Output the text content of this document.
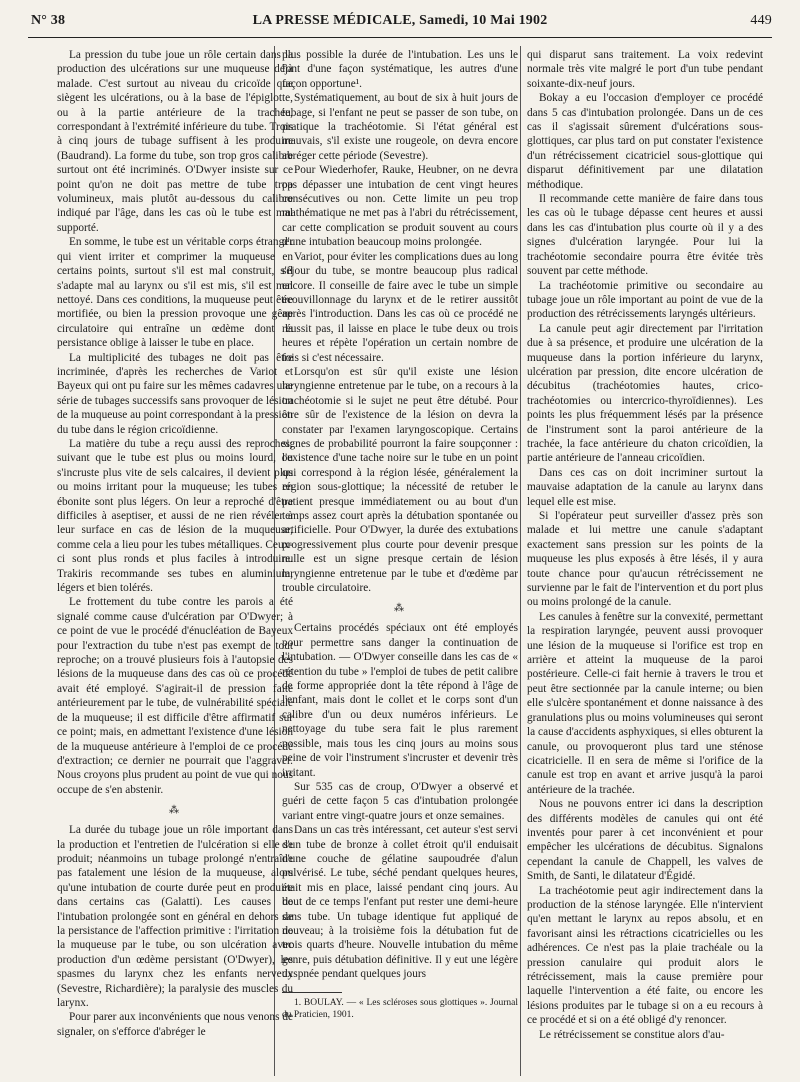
N° 38	LA PRESSE MÉDICALE, Samedi, 10 Mai 1902	449

La pression du tube joue un rôle certain dans la production des ulcérations sur une muqueuse déjà malade. C'est surtout au niveau du cricoïde que siègent les ulcérations, ou à la base de l'épiglotte, ou à la partie antérieure de la trachée, correspondant à l'extrémité inférieure du tube. Trois à cinq jours de tubage suffisent à les produire (Baudrand). La forme du tube, son trop gros calibre surtout ont été incriminés. O'Dwyer insiste sur ce point qu'on ne doit pas mettre de tube trop volumineux, mais plutôt au-dessous du calibre indiqué par l'âge, dans les cas où le tube est mal supporté.

En somme, le tube est un véritable corps étranger qui vient irriter et comprimer la muqueuse en certains points, surtout s'il est mal construit, s'il s'adapte mal au larynx ou s'il est mis, s'il est mal nettoyé. Dans ces conditions, la muqueuse peut être mortifiée, ou bien la pression provoque une gêne circulatoire qui entraîne un œdème dont la persistance oblige à laisser le tube en place.

La multiplicité des tubages ne doit pas être incriminée, d'après les recherches de Variot et Bayeux qui ont pu faire sur les mêmes cadavres une série de tubages successifs sans provoquer de lésion de la muqueuse au point correspondant à la pression du tube dans le région cricoïdienne.

La matière du tube a reçu aussi des reproches; suivant que le tube est plus ou moins lourd, ou s'incruste plus vite de sels calcaires, il devient plus ou moins irritant pour la muqueuse; les tubes en ébonite sont plus légers. On leur a reproché d'être difficiles à aseptiser, et aussi de ne rien révéler à leur surface en cas de lésion de la muqueuse, comme cela a lieu pour les tubes métalliques. Ceux-ci sont plus ronds et plus faciles à introduire. Trakiris recommande ses tubes en aluminium, légers et bien tolérés.

Le frottement du tube contre les parois a été signalé comme cause d'ulcération par O'Dwyer; à ce point de vue le procédé d'énucléation de Bayeux pour l'extraction du tube n'est pas exempt de tout reproche; on a trouvé plusieurs fois à l'autopsie des lésions de la muqueuse dans des cas où ce procédé avait été employé. S'agirait-il de pression faite antérieurement par le tube, de vulnérabilité spéciale de la muqueuse; il est difficile d'être affirmatif sur ce point; mais, en admettant l'existence d'une lésion de la muqueuse antérieure à l'emploi de ce procédé d'extraction; ce dernier ne pourrait que l'aggraver. Nous croyons plus prudent au point de vue qui nous occupe de s'en abstenir.

⁂

La durée du tubage joue un rôle important dans la production et l'entretien de l'ulcération si elle se produit; néanmoins un tubage prolongé n'entraîne pas fatalement une lésion de la muqueuse, alors qu'une intubation de courte durée peut en produire dans certains cas (Galatti). Les causes de l'intubation prolongée sont en général en dehors de la persistance de l'affection primitive : l'irritation de la muqueuse par le tube, ou son ulcération avec production d'un œdème persistant (O'Dwyer), les spasmes du larynx chez les enfants nerveux (Sevestre, Richardière); la paralysie des muscles du larynx.

Pour parer aux inconvénients que nous venons de signaler, on s'efforce d'abréger le

plus possible la durée de l'intubation. Les uns le font d'une façon systématique, les autres d'une façon opportune¹.

Systématiquement, au bout de six à huit jours de tubage, si l'enfant ne peut se passer de son tube, on pratique la trachéotomie. Si l'état général est mauvais, s'il existe une rougeole, on devra encore abréger cette période (Sevestre).

Pour Wiederhofer, Rauke, Heubner, on ne devra pas dépasser une intubation de cent vingt heures consécutives ou non. Cette limite un peu trop mathématique ne met pas à l'abri du rétrécissement, car cette complication se produit souvent au cours d'une intubation beaucoup moins prolongée.

Variot, pour éviter les complications dues au long séjour du tube, se montre beaucoup plus radical encore. Il conseille de faire avec le tube un simple écouvillonnage du larynx et de le retirer aussitôt après l'introduction. Dans les cas où ce procédé ne réussit pas, il laisse en place le tube deux ou trois heures et répète l'opération un certain nombre de fois si c'est nécessaire.

Lorsqu'on est sûr qu'il existe une lésion laryngienne entretenue par le tube, on a recours à la trachéotomie si le sujet ne peut être détubé. Pour être sûr de l'existence de la lésion on devra la constater par l'examen laryngoscopique. Certains signes de probabilité pourront la faire soupçonner : l'existence d'une tache noire sur le tube en un point qui correspond à la région lésée, généralement la région sous-glottique; la nécessité de retuber le patient presque immédiatement ou au bout d'un temps assez court après la détubation spontanée ou artificielle. Pour O'Dwyer, la durée des extubations progressivement plus courte pour devenir presque nulle est un signe presque certain de lésion laryngienne entretenue par le tube et d'œdème par trouble circulatoire.

⁂

Certains procédés spéciaux ont été employés pour permettre sans danger la continuation de l'intubation. — O'Dwyer conseille dans les cas de « rétention du tube » l'emploi de tubes de petit calibre de forme appropriée dont la tête répond à l'âge de l'enfant, mais dont le collet et le corps sont d'un calibre d'un ou deux numéros inférieurs. Le nettoyage du tube sera fait le plus rarement possible, mais tous les cinq jours au moins sous peine de voir l'instrument s'incruster et devenir très irritant.

Sur 535 cas de croup, O'Dwyer a observé et guéri de cette façon 5 cas d'intubation prolongée variant entre vingt-quatre jours et onze semaines.

Dans un cas très intéressant, cet auteur s'est servi d'un tube de bronze à collet étroit qu'il enduisait d'une couche de gélatine saupoudrée d'alun pulvérisé. Le tube, séché pendant quelques heures, était mis en place, laissé pendant cinq jours. Au bout de ce temps l'enfant put rester une demi-heure sans tube. Un tubage identique fut appliqué de nouveau; à la troisième fois la détubation fut de trois quarts d'heure. Nouvelle intubation du même genre, puis détubation définitive. Il y eut une légère dyspnée pendant quelques jours

1. BOULAY. — « Les scléroses sous glottiques ». Journal du Praticien, 1901.

qui disparut sans traitement. La voix redevint normale très vite malgré le port d'un tube pendant soixante-dix-neuf jours.

Bokay a eu l'occasion d'employer ce procédé dans 5 cas d'intubation prolongée. Dans un de ces cas il s'agissait sûrement d'ulcérations sous-glottiques, car plus tard on put constater l'existence d'un rétrécissement cicatriciel sous-glottique qui disparut définitivement par une dilatation méthodique.

Il recommande cette manière de faire dans tous les cas où le tubage dépasse cent heures et aussi dans les cas d'intubation plus courte où il y a des signes d'ulcération laryngée. Pour lui la trachéotomie secondaire pourra être évitée très souvent par cette méthode.

La trachéotomie primitive ou secondaire au tubage joue un rôle important au point de vue de la production des rétrécissements laryngés ultérieurs.

La canule peut agir directement par l'irritation due à sa présence, et produire une ulcération de la muqueuse dans la portion inférieure du larynx, ulcération par pression, dite encore ulcération de décubitus (trachéotomies hautes, crico-trachéotomies ou intercrico-thyroïdiennes). Les points les plus fréquemment lésés par la présence de l'instrument sont la paroi antérieure de la trachée, la face antérieure du chaton cricoïdien, la partie antérieure de l'anneau cricoïdien.

Dans ces cas on doit incriminer surtout la mauvaise adaptation de la canule au larynx dans lequel elle est mise.

Si l'opérateur peut surveiller d'assez près son malade et lui mettre une canule s'adaptant exactement sans pression sur les points de la muqueuse les plus exposés à être lésés, il y aura toute chance pour qu'aucun rétrécissement ne survienne par le fait de l'intervention et du port plus ou moins prolongé de la canule.

Les canules à fenêtre sur la convexité, permettant la respiration laryngée, peuvent aussi provoquer une lésion de la muqueuse si l'orifice est trop en arrière et atteint la muqueuse de la paroi postérieure. Celle-ci fait hernie à travers le trou et peut être sectionnée par la canule interne; ou bien elle s'ulcère spontanément et donne naissance à des granulations plus ou moins volumineuses qui seront la cause d'accidents asphyxiques, si elles obturent la canule, ou provoqueront plus tard une sténose cicatricielle. Il en sera de même si l'orifice de la canule est trop en avant et arrive jusqu'à la paroi antérieure de la trachée.

Nous ne pouvons entrer ici dans la description des différents modèles de canules qui ont été inventés pour parer à cet inconvénient et pour empêcher les ulcérations de décubitus. Signalons cependant la canule de Chappell, les valves de Smith, de Santi, le dilatateur d'Égidé.

La trachéotomie peut agir indirectement dans la production de la sténose laryngée. Elle n'intervient qu'en mettant le larynx au repos absolu, et en favorisant ainsi les rétractions cicatricielles ou les adhérences. Ce n'est pas la plaie trachéale ou la pression canulaire qui produit alors le rétrécissement, mais la cause première pour laquelle l'intervention a été faite, ou encore les lésions produites par le tubage si on a eu recours à ce procédé et si on a été obligé d'y renoncer.

Le rétrécissement se constitue alors d'au-
